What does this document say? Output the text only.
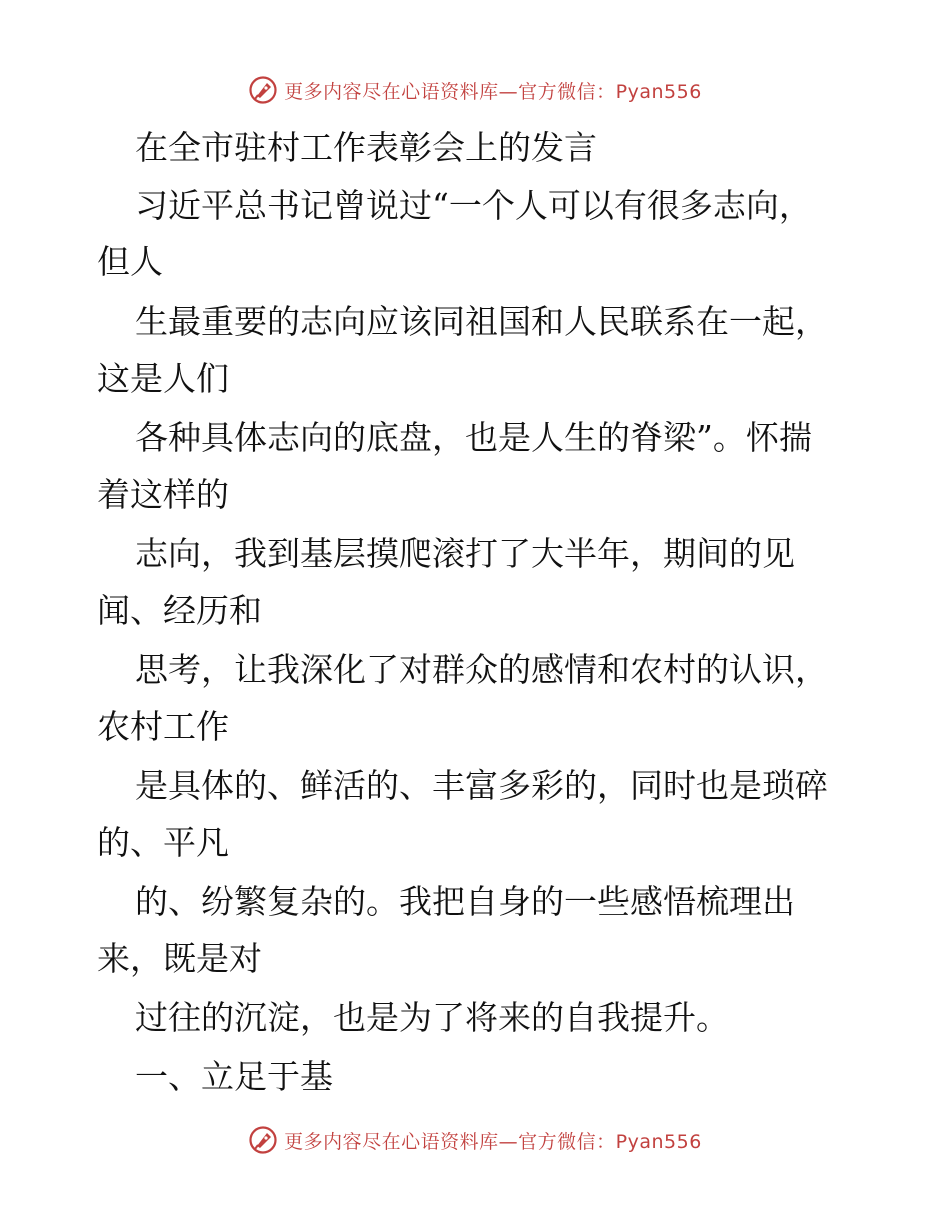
更多内容尽在心语资料库—官方微信：Pyan556
在全市驻村工作表彰会上的发言
习近平总书记曾说过“一个人可以有很多志向，
但人
生最重要的志向应该同祖国和人民联系在一起，
这是人们
各种具体志向的底盘，也是人生的脊梁”。怀揣
着这样的
志向，我到基层摸爬滚打了大半年，期间的见
闻、经历和
思考，让我深化了对群众的感情和农村的认识，
农村工作
是具体的、鲜活的、丰富多彩的，同时也是琐碎
的、平凡
的、纷繁复杂的。我把自身的一些感悟梳理出
来，既是对
过往的沉淀，也是为了将来的自我提升。
一、立足于基
更多内容尽在心语资料库—官方微信：Pyan556
